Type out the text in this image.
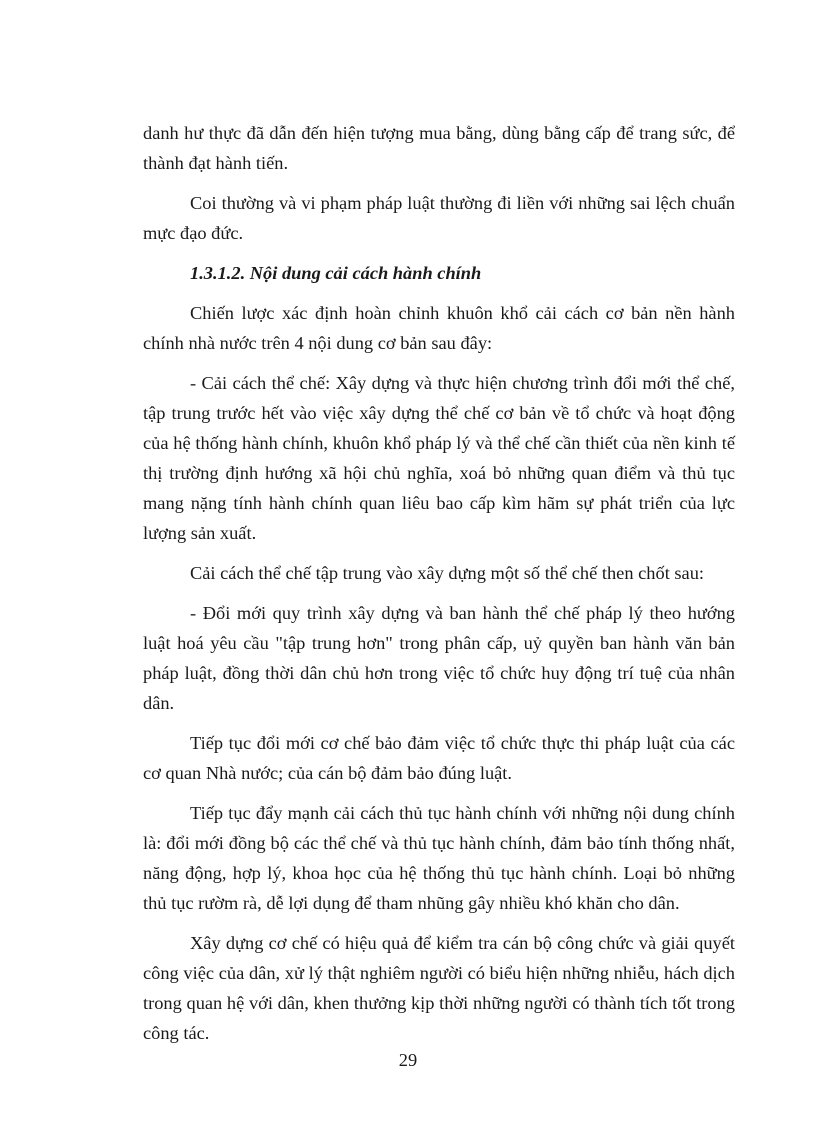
danh hư thực đã dẫn đến hiện tượng mua bằng, dùng bằng cấp để trang sức, để thành đạt hành tiến.

Coi thường và vi phạm pháp luật thường đi liền với những sai lệch chuẩn mực đạo đức.

1.3.1.2. Nội dung cải cách hành chính

Chiến lược xác định hoàn chỉnh khuôn khổ cải cách cơ bản nền hành chính nhà nước trên 4 nội dung cơ bản sau đây:

- Cải cách thể chế: Xây dựng và thực hiện chương trình đổi mới thể chế, tập trung trước hết vào việc xây dựng thể chế cơ bản về tổ chức và hoạt động của hệ thống hành chính, khuôn khổ pháp lý và thể chế cần thiết của nền kinh tế thị trường định hướng xã hội chủ nghĩa, xoá bỏ những quan điểm và thủ tục mang nặng tính hành chính quan liêu bao cấp kìm hãm sự phát triển của lực lượng sản xuất.

Cải cách thể chế tập trung vào xây dựng một số thể chế then chốt sau:

- Đổi mới quy trình xây dựng và ban hành thể chế pháp lý theo hướng luật hoá yêu cầu "tập trung hơn" trong phân cấp, uỷ quyền ban hành văn bản pháp luật, đồng thời dân chủ hơn trong việc tổ chức huy động trí tuệ của nhân dân.

Tiếp tục đổi mới cơ chế bảo đảm việc tổ chức thực thi pháp luật của các cơ quan Nhà nước; của cán bộ đảm bảo đúng luật.

Tiếp tục đẩy mạnh cải cách thủ tục hành chính với những nội dung chính là: đổi mới đồng bộ các thể chế và thủ tục hành chính, đảm bảo tính thống nhất, năng động, hợp lý, khoa học của hệ thống thủ tục hành chính. Loại bỏ những thủ tục rườm rà, dễ lợi dụng để tham nhũng gây nhiều khó khăn cho dân.

Xây dựng cơ chế có hiệu quả để kiểm tra cán bộ công chức và giải quyết công việc của dân, xử lý thật nghiêm người có biểu hiện những nhiễu, hách dịch trong quan hệ với dân, khen thưởng kịp thời những người có thành tích tốt trong công tác.

29
